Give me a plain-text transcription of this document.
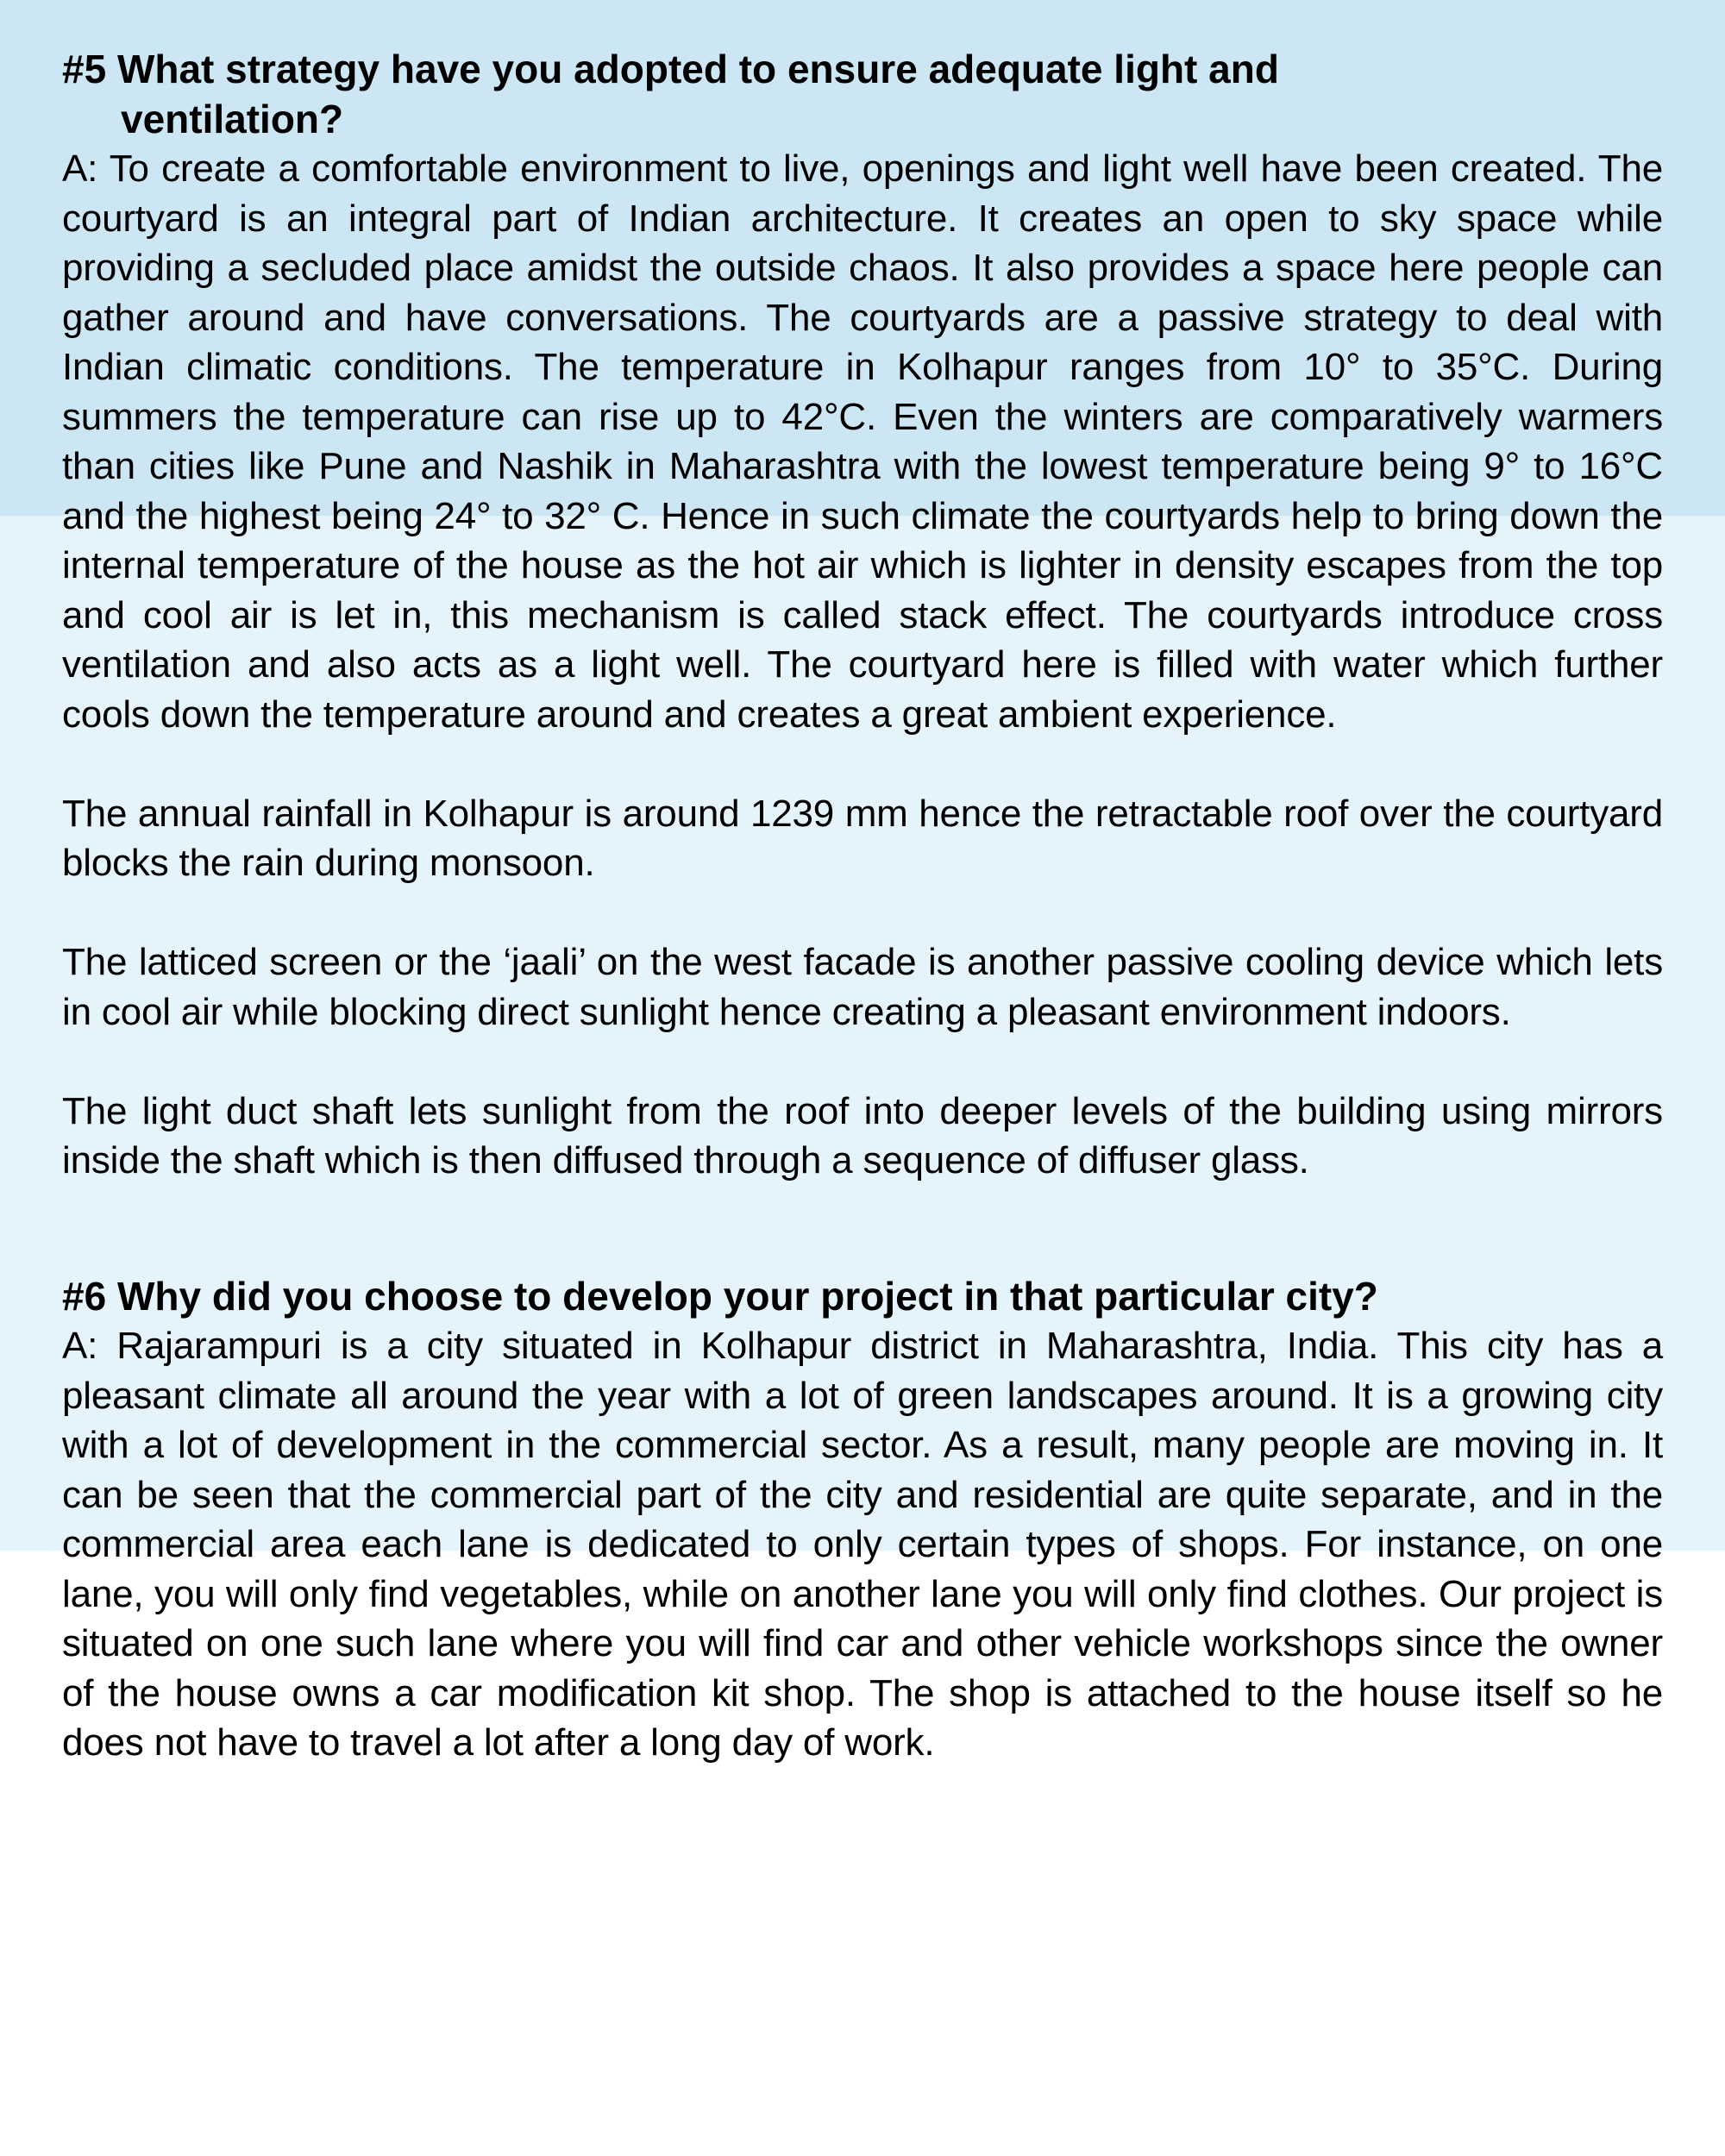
#5 What strategy have you adopted to ensure adequate light and ventilation?

A: To create a comfortable environment to live, openings and light well have been created. The courtyard is an integral part of Indian architecture. It creates an open to sky space while providing a secluded place amidst the outside chaos. It also provides a space here people can gather around and have conversations. The courtyards are a passive strategy to deal with Indian climatic conditions. The temperature in Kolhapur ranges from 10° to 35°C. During summers the temperature can rise up to 42°C. Even the winters are comparatively warmers than cities like Pune and Nashik in Maharashtra with the lowest temperature being 9° to 16°C and the highest being 24° to 32° C. Hence in such climate the courtyards help to bring down the internal temperature of the house as the hot air which is lighter in density escapes from the top and cool air is let in, this mechanism is called stack effect. The courtyards introduce cross ventilation and also acts as a light well. The courtyard here is filled with water which further cools down the temperature around and creates a great ambient experience.

The annual rainfall in Kolhapur is around 1239 mm hence the retractable roof over the courtyard blocks the rain during monsoon.

The latticed screen or the ‘jaali’ on the west facade is another passive cooling device which lets in cool air while blocking direct sunlight hence creating a pleasant environment indoors.

The light duct shaft lets sunlight from the roof into deeper levels of the building using mirrors inside the shaft which is then diffused through a sequence of diffuser glass.

#6 Why did you choose to develop your project in that particular city?

A: Rajarampuri is a city situated in Kolhapur district in Maharashtra, India. This city has a pleasant climate all around the year with a lot of green landscapes around. It is a growing city with a lot of development in the commercial sector. As a result, many people are moving in. It can be seen that the commercial part of the city and residential are quite separate, and in the commercial area each lane is dedicated to only certain types of shops. For instance, on one lane, you will only find vegetables, while on another lane you will only find clothes. Our project is situated on one such lane where you will find car and other vehicle workshops since the owner of the house owns a car modification kit shop. The shop is attached to the house itself so he does not have to travel a lot after a long day of work.
